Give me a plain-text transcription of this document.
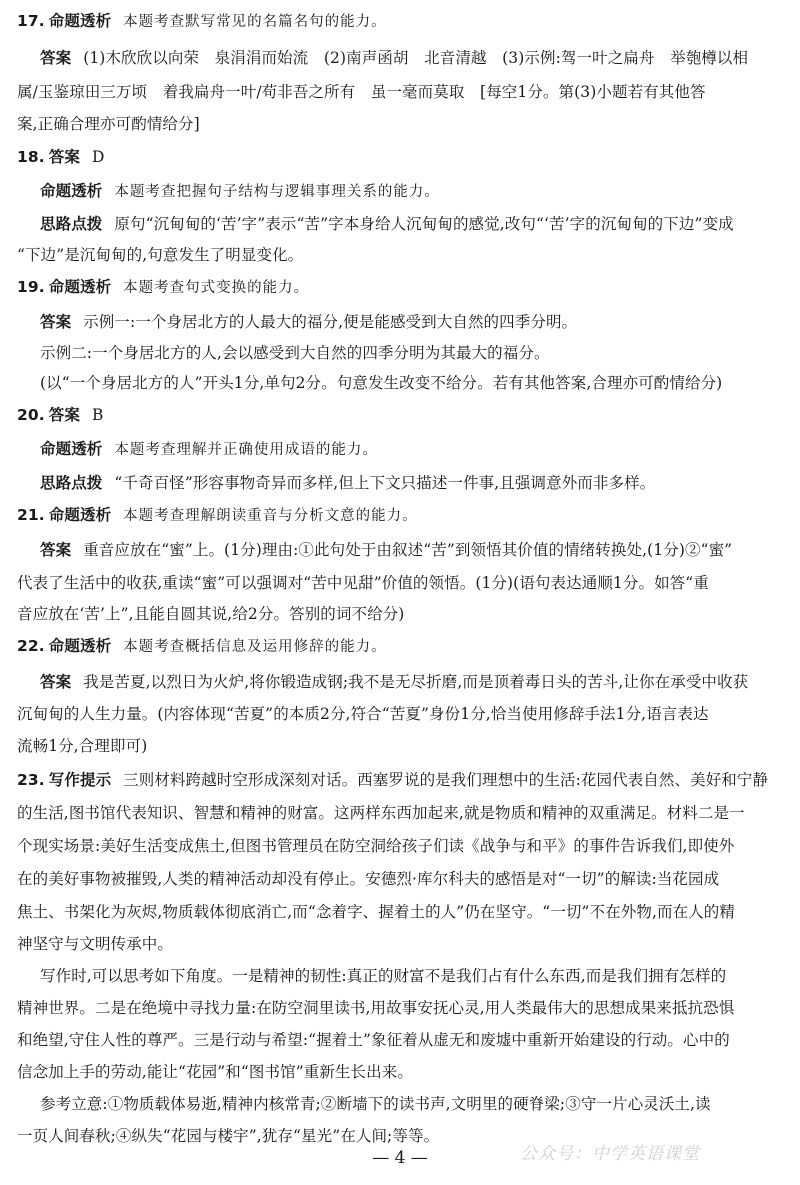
17. 命题透析 本题考查默写常见的名篇名句的能力。
答案 (1)木欣欣以向荣　泉涓涓而始流　(2)南声函胡　北音清越　(3)示例:驾一叶之扁舟　举匏樽以相
属/玉鉴琼田三万顷　着我扁舟一叶/苟非吾之所有　虽一毫而莫取　[每空1分。第(3)小题若有其他答
案,正确合理亦可酌情给分]
18. 答案 D
命题透析 本题考查把握句子结构与逻辑事理关系的能力。
思路点拨 原句“沉甸甸的‘苦’字”表示“苦”字本身给人沉甸甸的感觉,改句“‘苦’字的沉甸甸的下边”变成
“下边”是沉甸甸的,句意发生了明显变化。
19. 命题透析 本题考查句式变换的能力。
答案 示例一:一个身居北方的人最大的福分,便是能感受到大自然的四季分明。
示例二:一个身居北方的人,会以感受到大自然的四季分明为其最大的福分。
(以“一个身居北方的人”开头1分,单句2分。句意发生改变不给分。若有其他答案,合理亦可酌情给分)
20. 答案 B
命题透析 本题考查理解并正确使用成语的能力。
思路点拨 “千奇百怪”形容事物奇异而多样,但上下文只描述一件事,且强调意外而非多样。
21. 命题透析 本题考查理解朗读重音与分析文意的能力。
答案 重音应放在“蜜”上。(1分)理由:①此句处于由叙述“苦”到领悟其价值的情绪转换处,(1分)②“蜜”
代表了生活中的收获,重读“蜜”可以强调对“苦中见甜”价值的领悟。(1分)(语句表达通顺1分。如答“重
音应放在‘苦’上”,且能自圆其说,给2分。答别的词不给分)
22. 命题透析 本题考查概括信息及运用修辞的能力。
答案 我是苦夏,以烈日为火炉,将你锻造成钢;我不是无尽折磨,而是顶着毒日头的苦斗,让你在承受中收获
沉甸甸的人生力量。(内容体现“苦夏”的本质2分,符合“苦夏”身份1分,恰当使用修辞手法1分,语言表达
流畅1分,合理即可)
23. 写作提示 三则材料跨越时空形成深刻对话。西塞罗说的是我们理想中的生活:花园代表自然、美好和宁静
的生活,图书馆代表知识、智慧和精神的财富。这两样东西加起来,就是物质和精神的双重满足。材料二是一
个现实场景:美好生活变成焦土,但图书管理员在防空洞给孩子们读《战争与和平》的事件告诉我们,即使外
在的美好事物被摧毁,人类的精神活动却没有停止。安德烈·库尔科夫的感悟是对“一切”的解读:当花园成
焦土、书架化为灰烬,物质载体彻底消亡,而“念着字、握着土的人”仍在坚守。“一切”不在外物,而在人的精
神坚守与文明传承中。
写作时,可以思考如下角度。一是精神的韧性:真正的财富不是我们占有什么东西,而是我们拥有怎样的
精神世界。二是在绝境中寻找力量:在防空洞里读书,用故事安抚心灵,用人类最伟大的思想成果来抵抗恐惧
和绝望,守住人性的尊严。三是行动与希望:“握着土”象征着从虚无和废墟中重新开始建设的行动。心中的
信念加上手的劳动,能让“花园”和“图书馆”重新生长出来。
参考立意:①物质载体易逝,精神内核常青;②断墙下的读书声,文明里的硬脊梁;③守一片心灵沃土,读
一页人间春秋;④纵失“花园与楼宇”,犹存“星光”在人间;等等。
公众号：中学英语课堂
— 4 —
